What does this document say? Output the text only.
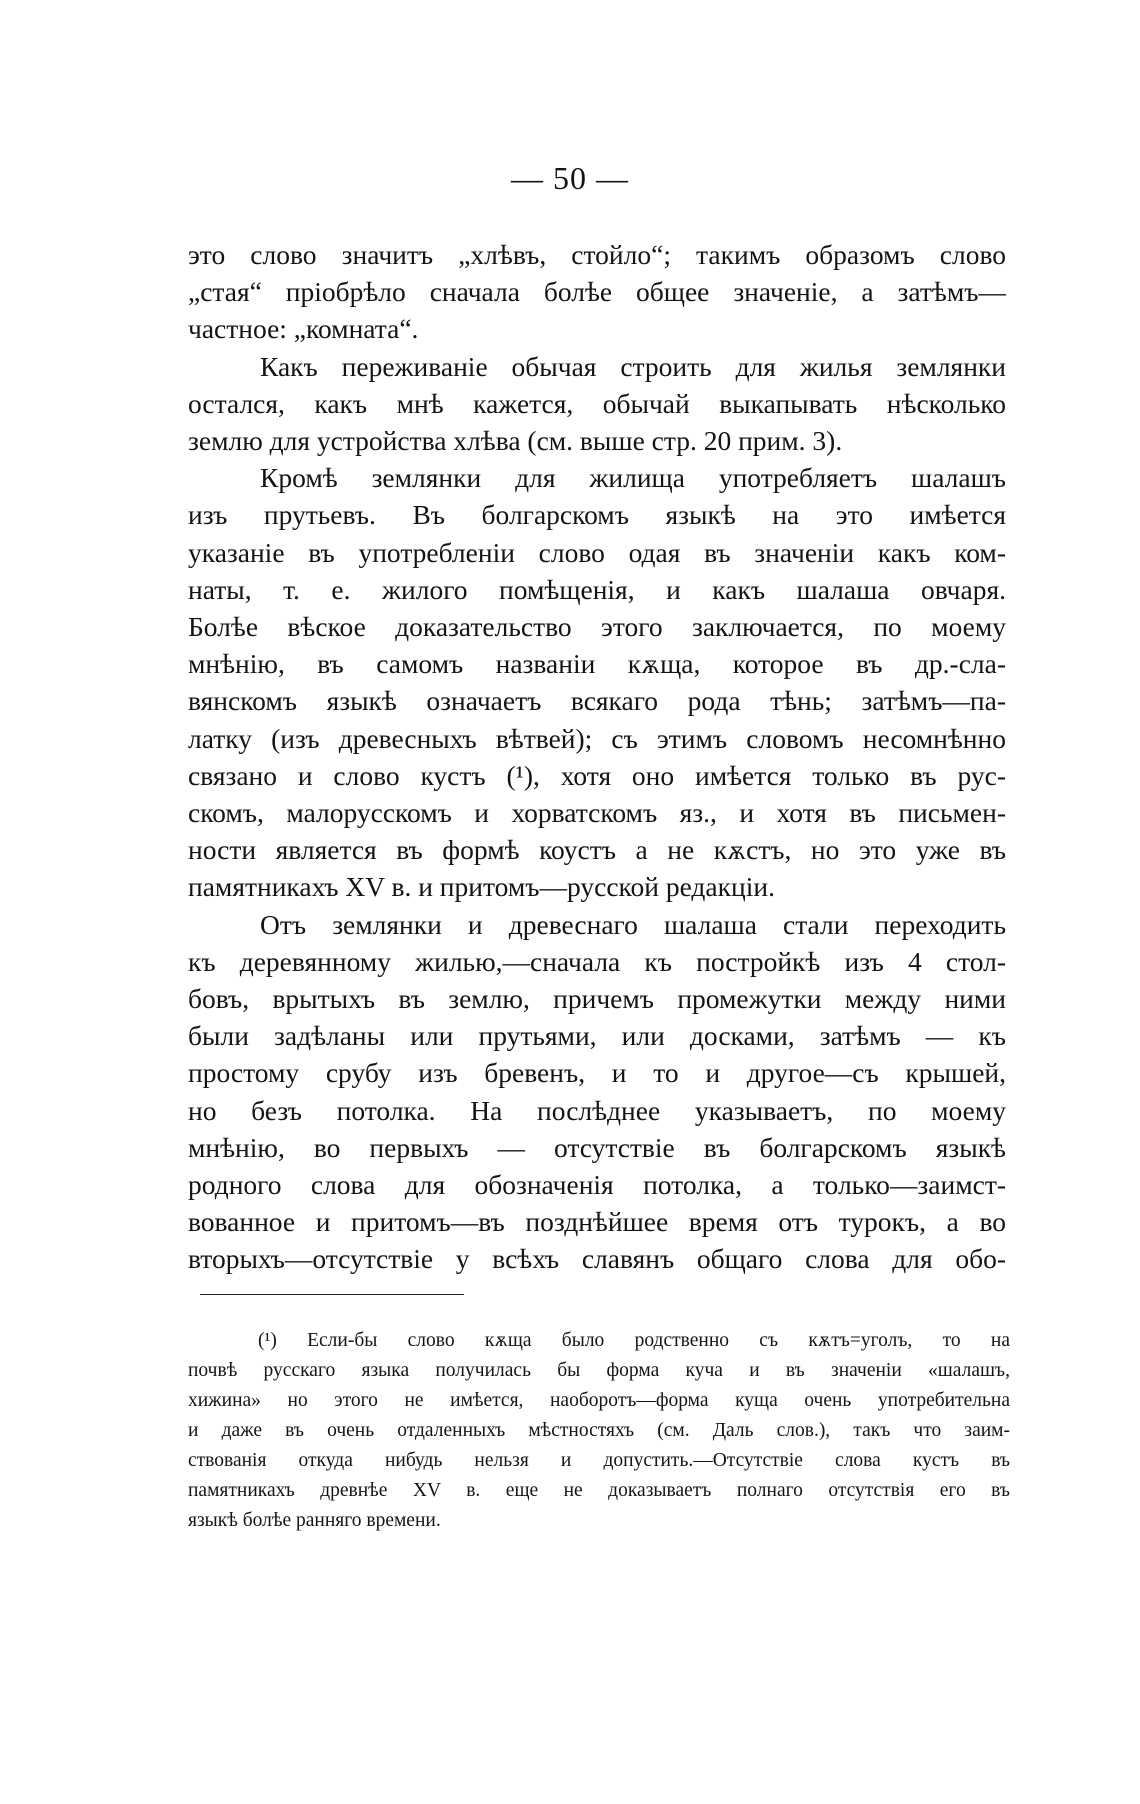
— 50 —
это слово значитъ „хлѣвъ, стойло“; такимъ образомъ слово
„стая“ пріобрѣло сначала болѣе общее значеніе, а затѣмъ—
частное: „комната“.
Какъ переживаніе обычая строить для жилья землянки
остался, какъ мнѣ кажется, обычай выкапывать нѣсколько
землю для устройства хлѣва (см. выше стр. 20 прим. 3).
Кромѣ землянки для жилища употребляетъ шалашъ
изъ прутьевъ. Въ болгарскомъ языкѣ на это имѣется
указаніе въ употребленіи слово одая въ значеніи какъ ком-
наты, т. е. жилого помѣщенія, и какъ шалаша овчаря.
Болѣе вѣское доказательство этого заключается, по моему
мнѣнію, въ самомъ названіи кѫща, которое въ др.-сла-
вянскомъ языкѣ означаетъ всякаго рода тѣнь; затѣмъ—па-
латку (изъ древесныхъ вѣтвей); съ этимъ словомъ несомнѣнно
связано и слово кустъ (¹), хотя оно имѣется только въ рус-
скомъ, малорусскомъ и хорватскомъ яз., и хотя въ письмен-
ности является въ формѣ коустъ а не кѫстъ, но это уже въ
памятникахъ XV в. и притомъ—русской редакціи.
Отъ землянки и древеснаго шалаша стали переходить
къ деревянному жилью,—сначала къ постройкѣ изъ 4 стол-
бовъ, врытыхъ въ землю, причемъ промежутки между ними
были задѣланы или прутьями, или досками, затѣмъ — къ
простому срубу изъ бревенъ, и то и другое—съ крышей,
но безъ потолка. На послѣднее указываетъ, по моему
мнѣнію, во первыхъ — отсутствіе въ болгарскомъ языкѣ
родного слова для обозначенія потолка, а только—заимст-
вованное и притомъ—въ позднѣйшее время отъ турокъ, а во
вторыхъ—отсутствіе у всѣхъ славянъ общаго слова для обо-
(¹) Если-бы слово кѫща было родственно съ кѫтъ=уголъ, то на
почвѣ русскаго языка получилась бы форма куча и въ значеніи «шалашъ,
хижина» но этого не имѣется, наоборотъ—форма куща очень употребительна
и даже въ очень отдаленныхъ мѣстностяхъ (см. Даль слов.), такъ что заим-
ствованія откуда нибудь нельзя и допустить.—Отсутствіе слова кустъ въ
памятникахъ древнѣе XV в. еще не доказываетъ полнаго отсутствія его въ
языкѣ болѣе ранняго времени.
